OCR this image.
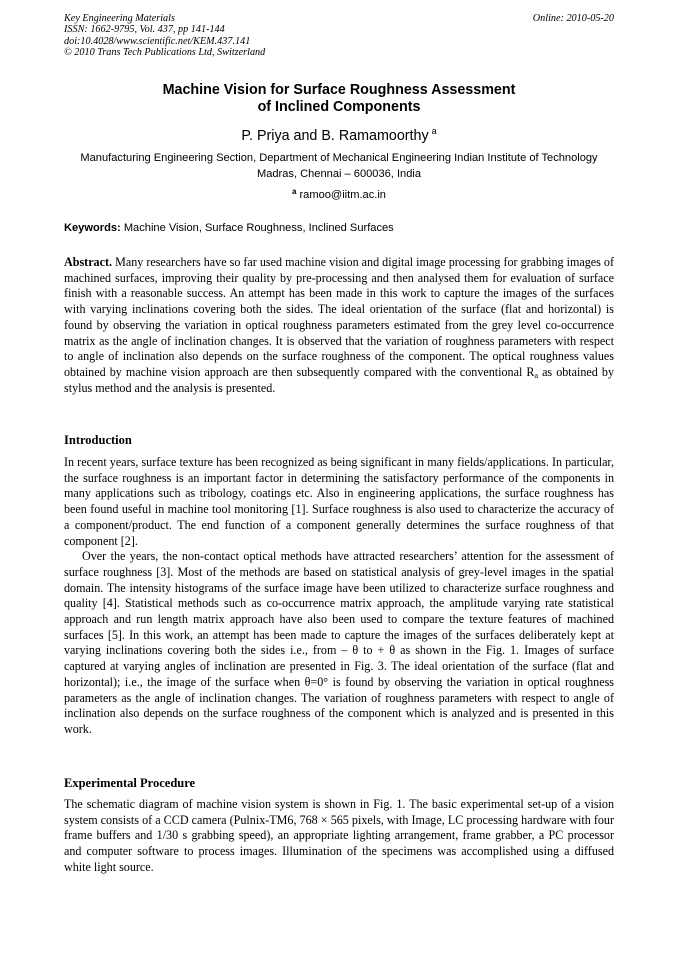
Key Engineering Materials
ISSN: 1662-9795, Vol. 437, pp 141-144
doi:10.4028/www.scientific.net/KEM.437.141
© 2010 Trans Tech Publications Ltd, Switzerland
Online: 2010-05-20
Machine Vision for Surface Roughness Assessment
of Inclined Components
P. Priya and B. Ramamoorthy $^a$
Manufacturing Engineering Section, Department of Mechanical Engineering Indian Institute of Technology Madras, Chennai – 600036, India
$^a$ ramoo@iitm.ac.in
Keywords: Machine Vision, Surface Roughness, Inclined Surfaces

Abstract. Many researchers have so far used machine vision and digital image processing for grabbing images of machined surfaces, improving their quality by pre-processing and then analysed them for evaluation of surface finish with a reasonable success. An attempt has been made in this work to capture the images of the surfaces with varying inclinations covering both the sides. The ideal orientation of the surface (flat and horizontal) is found by observing the variation in optical roughness parameters estimated from the grey level co-occurrence matrix as the angle of inclination changes. It is observed that the variation of roughness parameters with respect to angle of inclination also depends on the surface roughness of the component. The optical roughness values obtained by machine vision approach are then subsequently compared with the conventional $R_a$ as obtained by stylus method and the analysis is presented.

Introduction

In recent years, surface texture has been recognized as being significant in many fields/applications. In particular, the surface roughness is an important factor in determining the satisfactory performance of the components in many applications such as tribology, coatings etc. Also in engineering applications, the surface roughness has been found useful in machine tool monitoring [1]. Surface roughness is also used to characterize the accuracy of a component/product. The end function of a component generally determines the surface roughness of that component [2].

Over the years, the non-contact optical methods have attracted researchers’ attention for the assessment of surface roughness [3]. Most of the methods are based on statistical analysis of grey-level images in the spatial domain. The intensity histograms of the surface image have been utilized to characterize surface roughness and quality [4]. Statistical methods such as co-occurrence matrix approach, the amplitude varying rate statistical approach and run length matrix approach have also been used to compare the texture features of machined surfaces [5]. In this work, an attempt has been made to capture the images of the surfaces deliberately kept at varying inclinations covering both the sides i.e., from – θ to + θ as shown in the Fig. 1. Images of surface captured at varying angles of inclination are presented in Fig. 3. The ideal orientation of the surface (flat and horizontal); i.e., the image of the surface when θ=0° is found by observing the variation in optical roughness parameters as the angle of inclination changes. The variation of roughness parameters with respect to angle of inclination also depends on the surface roughness of the component which is analyzed and is presented in this work.

Experimental Procedure

The schematic diagram of machine vision system is shown in Fig. 1. The basic experimental set-up of a vision system consists of a CCD camera (Pulnix-TM6, 768 × 565 pixels, with Image, LC processing hardware with four frame buffers and 1/30 s grabbing speed), an appropriate lighting arrangement, frame grabber, a PC processor and computer software to process images. Illumination of the specimens was accomplished using a diffused white light source.
